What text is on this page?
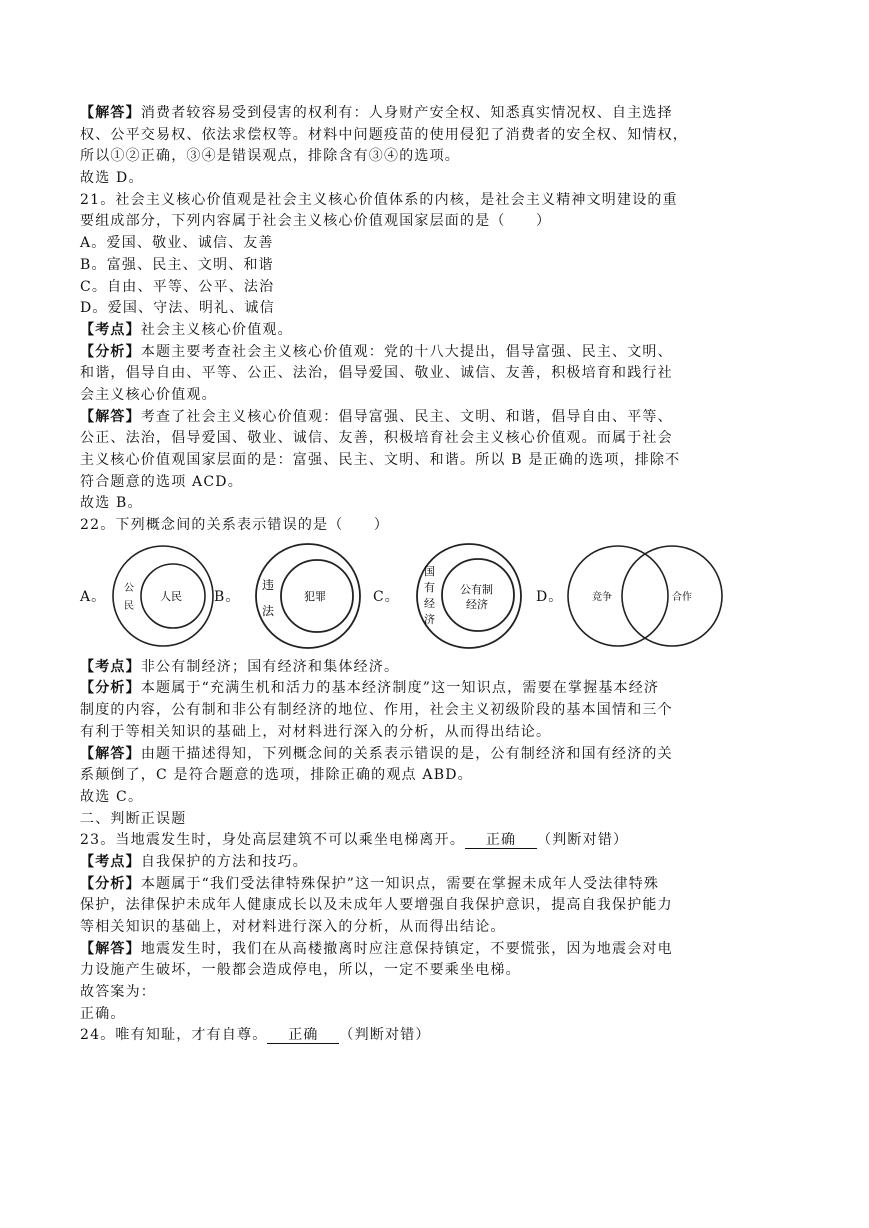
【解答】消费者较容易受到侵害的权利有：人身财产安全权、知悉真实情况权、自主选择
权、公平交易权、依法求偿权等。材料中问题疫苗的使用侵犯了消费者的安全权、知情权，
所以①②正确，③④是错误观点，排除含有③④的选项。
故选 D。
21。社会主义核心价值观是社会主义核心价值体系的内核，是社会主义精神文明建设的重
要组成部分，下列内容属于社会主义核心价值观国家层面的是（　　）
A。爱国、敬业、诚信、友善
B。富强、民主、文明、和谐
C。自由、平等、公平、法治
D。爱国、守法、明礼、诚信
【考点】社会主义核心价值观。
【分析】本题主要考查社会主义核心价值观：党的十八大提出，倡导富强、民主、文明、
和谐，倡导自由、平等、公正、法治，倡导爱国、敬业、诚信、友善，积极培育和践行社
会主义核心价值观。
【解答】考查了社会主义核心价值观：倡导富强、民主、文明、和谐，倡导自由、平等、
公正、法治，倡导爱国、敬业、诚信、友善，积极培育社会主义核心价值观。而属于社会
主义核心价值观国家层面的是：富强、民主、文明、和谐。所以 B 是正确的选项，排除不
符合题意的选项 ACD。
故选 B。
22。下列概念间的关系表示错误的是（　　）
A。
公
民
人民 B。
违
法
犯罪	C。
国
有
经
济
公有制
经济	D。	竞争	合作
【考点】非公有制经济；国有经济和集体经济。
【分析】本题属于“充满生机和活力的基本经济制度”这一知识点，需要在掌握基本经济
制度的内容，公有制和非公有制经济的地位、作用，社会主义初级阶段的基本国情和三个
有利于等相关知识的基础上，对材料进行深入的分析，从而得出结论。
【解答】由题干描述得知，下列概念间的关系表示错误的是，公有制经济和国有经济的关
系颠倒了，C 是符合题意的选项，排除正确的观点 ABD。
故选 C。
二、判断正误题
23。当地震发生时，身处高层建筑不可以乘坐电梯离开。 正确 （判断对错）
【考点】自我保护的方法和技巧。
【分析】本题属于“我们受法律特殊保护”这一知识点，需要在掌握未成年人受法律特殊
保护，法律保护未成年人健康成长以及未成年人要增强自我保护意识，提高自我保护能力
等相关知识的基础上，对材料进行深入的分析，从而得出结论。
【解答】地震发生时，我们在从高楼撤离时应注意保持镇定，不要慌张，因为地震会对电
力设施产生破坏，一般都会造成停电，所以，一定不要乘坐电梯。
故答案为：
正确。
24。唯有知耻，才有自尊。 正确 （判断对错）
